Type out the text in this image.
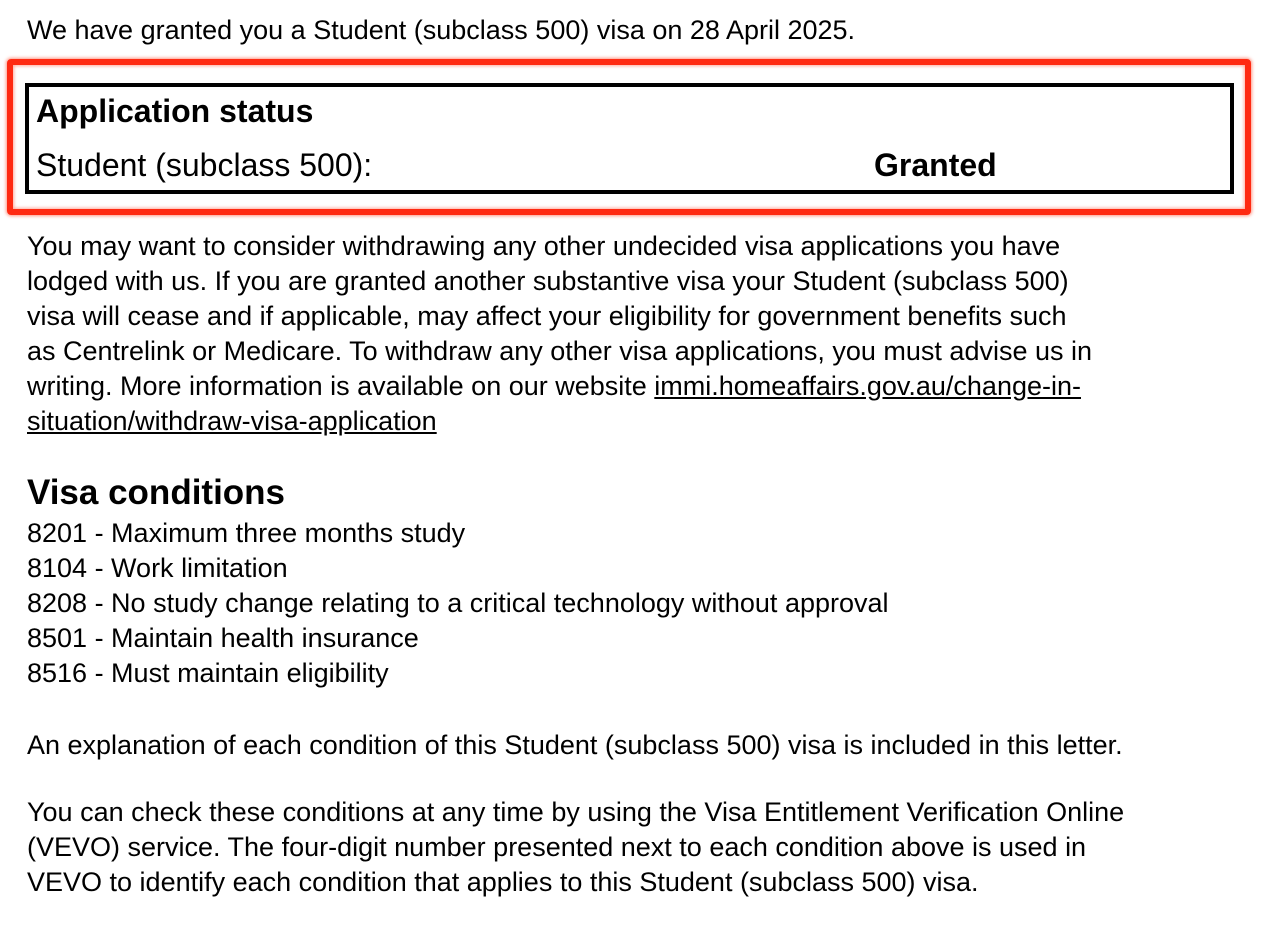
We have granted you a Student (subclass 500) visa on 28 April 2025.

Application status
Student (subclass 500):	Granted

You may want to consider withdrawing any other undecided visa applications you have

lodged with us. If you are granted another substantive visa your Student (subclass 500)

visa will cease and if applicable, may affect your eligibility for government benefits such

as Centrelink or Medicare. To withdraw any other visa applications, you must advise us in

writing. More information is available on our website immi.homeaffairs.gov.au/change-in-

situation/withdraw-visa-application

Visa conditions
8201 - Maximum three months study
8104 - Work limitation
8208 - No study change relating to a critical technology without approval
8501 - Maintain health insurance
8516 - Must maintain eligibility

An explanation of each condition of this Student (subclass 500) visa is included in this letter.

You can check these conditions at any time by using the Visa Entitlement Verification Online

(VEVO) service. The four-digit number presented next to each condition above is used in

VEVO to identify each condition that applies to this Student (subclass 500) visa.
